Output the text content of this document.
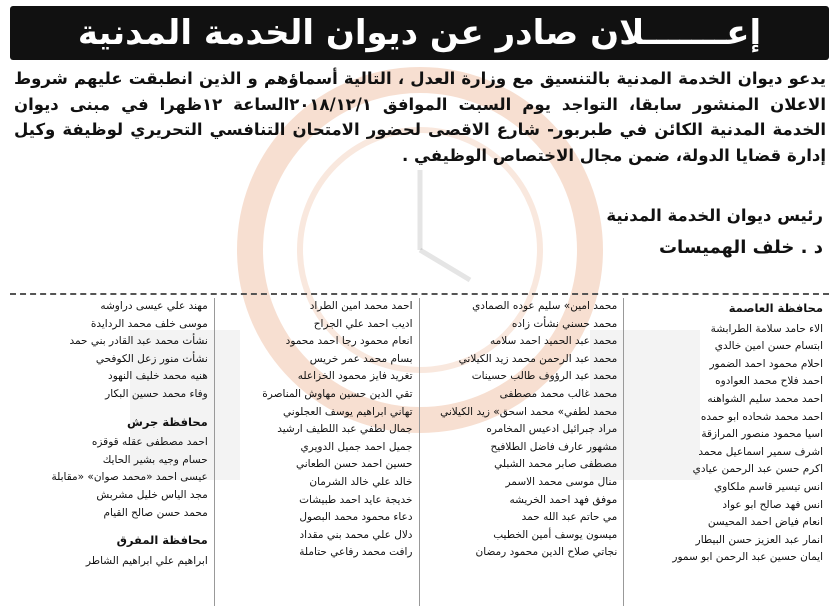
إعـــــــلان صادر عن ديوان الخدمة المدنية

يدعو ديوان الخدمة المدنية بالتنسيق مع وزارة العدل ، التالية أسماؤهم و الذين انطبقت عليهم شروط الاعلان المنشور سابقا، التواجد يوم السبت الموافق ٢٠١٨/١٢/١الساعة ١٢ظهرا في مبنى ديوان الخدمة المدنية الكائن في طبربور- شارع الاقصى لحضور الامتحان التنافسي التحريري لوظيفة وكيل إدارة قضايا الدولة، ضمن مجال الاختصاص الوظيفي .

رئيس ديوان الخدمة المدنية
د . خلف الهميسات
محافظة العاصمة
الاء حامد سلامة الطرابشة
ابتسام حسن امين خالدي
احلام محمود احمد الضمور
احمد فلاح محمد العوادوه
احمد محمد سليم الشواهنه
احمد محمد شحاده ابو حمده
اسيا محمود منصور المرازقة
اشرف سمير اسماعيل محمد
اكرم حسن عبد الرحمن عيادي
انس تيسير قاسم ملكاوي
انس فهد صالح ابو عواد
انعام فياض احمد المحيسن
انمار عبد العزيز حسن البيطار
ايمان حسين عبد الرحمن ابو سمور
محمد امين» سليم عوده الصمادي
محمد حسني نشأت زاده
محمد عبد الحميد احمد سلامه
محمد عبد الرحمن محمد زيد الكيلاني
محمد عبد الرؤوف طالب حسينات
محمد غالب محمد مصطفى
محمد لطفي» محمد اسحق» زيد الكيلاني
مراد جبرائيل ادعيس المخامره
مشهور عارف فاضل الطلافيح
مصطفى صابر محمد الشبلي
منال موسى محمد الاسمر
موفق فهد احمد الخريشه
مي حاتم عبد الله حمد
ميسون يوسف أمين الخطيب
نجاتي صلاح الدين محمود رمضان
احمد محمد امين الطراد
اديب احمد علي الجراح
انعام محمود رجا احمد محمود
بسام محمد عمر خريس
تغريد فايز محمود الخزاعله
تقي الدين حسين مهاوش المناصرة
تهاني ابراهيم يوسف العجلوني
جمال لطفي عبد اللطيف ارشيد
جميل احمد جميل الدويري
حسين احمد حسن الطعاني
خالد علي خالد الشرمان
خديجة عايد احمد طبيشات
دعاء محمود محمد البصول
دلال علي محمد بني مقداد
رافت محمد رفاعي حتاملة
مهند علي عيسى دراوشه
موسى خلف محمد الردايدة
نشأت محمد عبد القادر بني حمد
نشأت منور زعل الكوفحي
هنيه محمد خليف النهود
وفاء محمد حسين البكار
محافظة جرش
احمد مصطفى عقله قوقزه
حسام وجيه بشير الحايك
عيسى احمد «محمد صوان» «مقابلة
مجد الياس خليل مشربش
محمد حسن صالح القيام
محافظة المفرق
ابراهيم علي ابراهيم الشاطر
